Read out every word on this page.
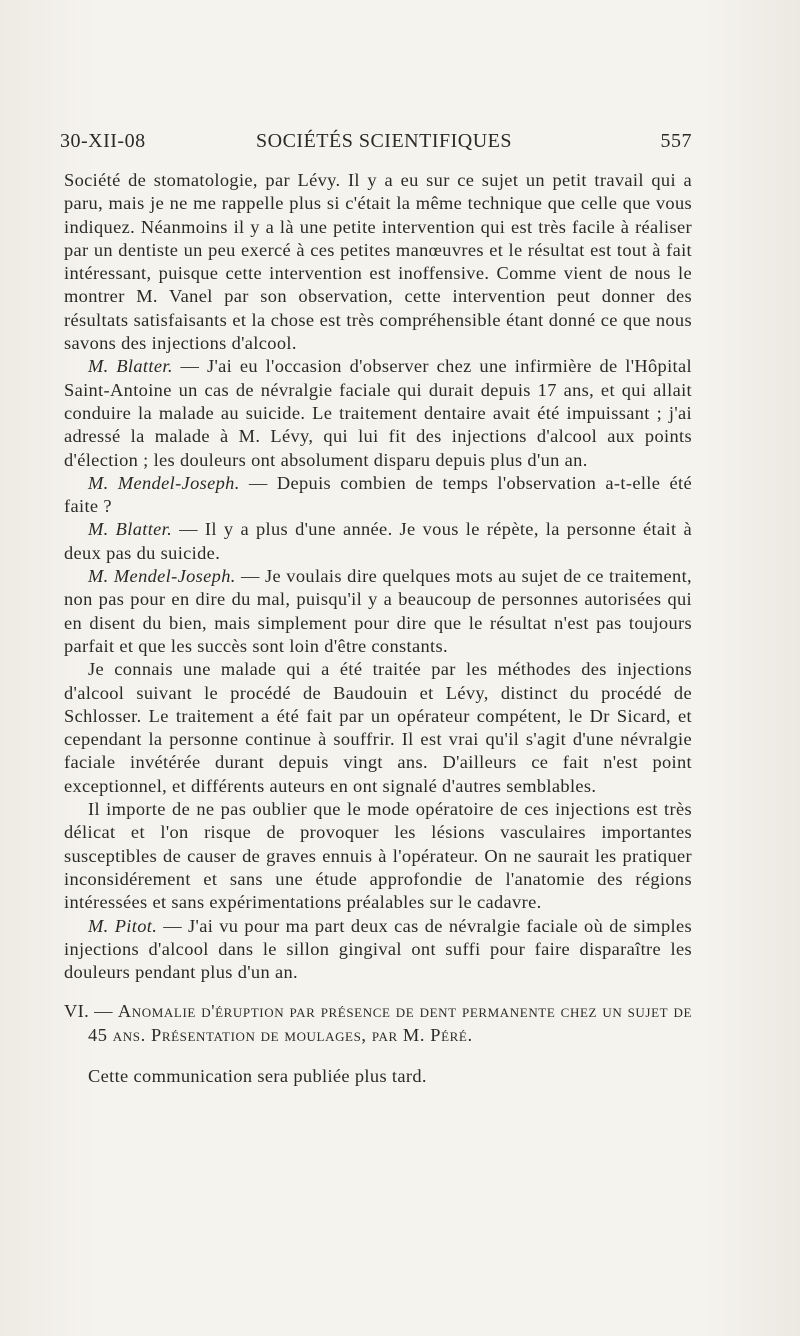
30-XII-08	SOCIÉTÉS SCIENTIFIQUES	557

Société de stomatologie, par Lévy. Il y a eu sur ce sujet un petit travail qui a paru, mais je ne me rappelle plus si c'était la même technique que celle que vous indiquez. Néanmoins il y a là une petite intervention qui est très facile à réaliser par un dentiste un peu exercé à ces petites manœuvres et le résultat est tout à fait intéressant, puisque cette intervention est inoffensive. Comme vient de nous le montrer M. Vanel par son observation, cette intervention peut donner des résultats satisfaisants et la chose est très compréhensible étant donné ce que nous savons des injections d'alcool.

M. Blatter. — J'ai eu l'occasion d'observer chez une infirmière de l'Hôpital Saint-Antoine un cas de névralgie faciale qui durait depuis 17 ans, et qui allait conduire la malade au suicide. Le traitement dentaire avait été impuissant ; j'ai adressé la malade à M. Lévy, qui lui fit des injections d'alcool aux points d'élection ; les douleurs ont absolument disparu depuis plus d'un an.

M. Mendel-Joseph. — Depuis combien de temps l'observation a-t-elle été faite ?

M. Blatter. — Il y a plus d'une année. Je vous le répète, la personne était à deux pas du suicide.

M. Mendel-Joseph. — Je voulais dire quelques mots au sujet de ce traitement, non pas pour en dire du mal, puisqu'il y a beaucoup de personnes autorisées qui en disent du bien, mais simplement pour dire que le résultat n'est pas toujours parfait et que les succès sont loin d'être constants.

Je connais une malade qui a été traitée par les méthodes des injections d'alcool suivant le procédé de Baudouin et Lévy, distinct du procédé de Schlosser. Le traitement a été fait par un opérateur compétent, le Dr Sicard, et cependant la personne continue à souffrir. Il est vrai qu'il s'agit d'une névralgie faciale invétérée durant depuis vingt ans. D'ailleurs ce fait n'est point exceptionnel, et différents auteurs en ont signalé d'autres semblables.

Il importe de ne pas oublier que le mode opératoire de ces injections est très délicat et l'on risque de provoquer les lésions vasculaires importantes susceptibles de causer de graves ennuis à l'opérateur. On ne saurait les pratiquer inconsidérement et sans une étude approfondie de l'anatomie des régions intéressées et sans expérimentations préalables sur le cadavre.

M. Pitot. — J'ai vu pour ma part deux cas de névralgie faciale où de simples injections d'alcool dans le sillon gingival ont suffi pour faire disparaître les douleurs pendant plus d'un an.

VI. — Anomalie d'éruption par présence de dent permanente chez un sujet de 45 ans. Présentation de moulages, par M. Péré.

Cette communication sera publiée plus tard.
